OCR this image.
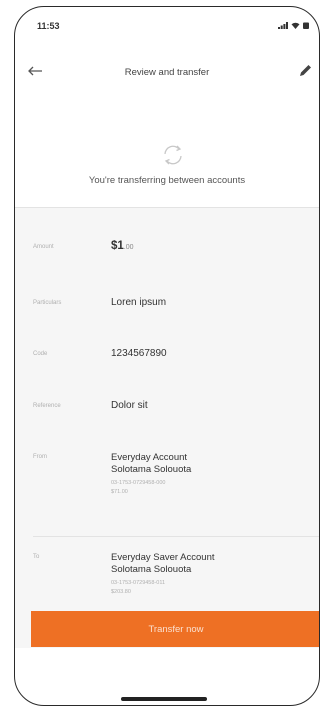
11:53
Review and transfer
You're transferring between accounts
Amount	$1.00
Particulars	Loren ipsum
Code	1234567890
Reference	Dolor sit
From	Everyday Account
Solotama Solouota
03-1753-0729458-000
$71.00
To	Everyday Saver Account
Solotama Solouota
03-1753-0729458-011
$203.80
Transfer now
